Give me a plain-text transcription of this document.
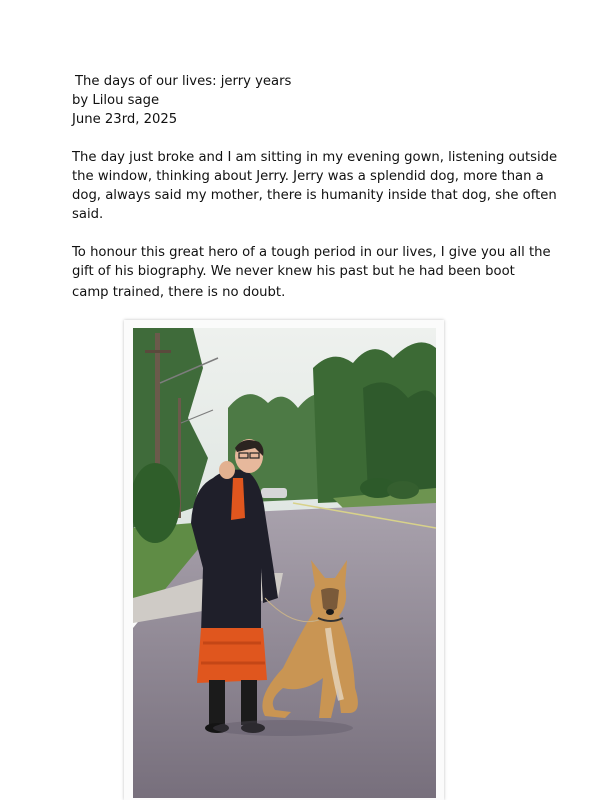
The days of our lives: jerry years
by Lilou sage
June 23rd, 2025
The day just broke and I am sitting in my evening gown, listening outside
the window, thinking about Jerry. Jerry was a splendid dog, more than a
dog, always said my mother, there is humanity inside that dog, she often
said.
To honour this great hero of a tough period in our lives, I give you all the
gift of his biography. We never knew his past but he had been boot
camp trained, there is no doubt.
